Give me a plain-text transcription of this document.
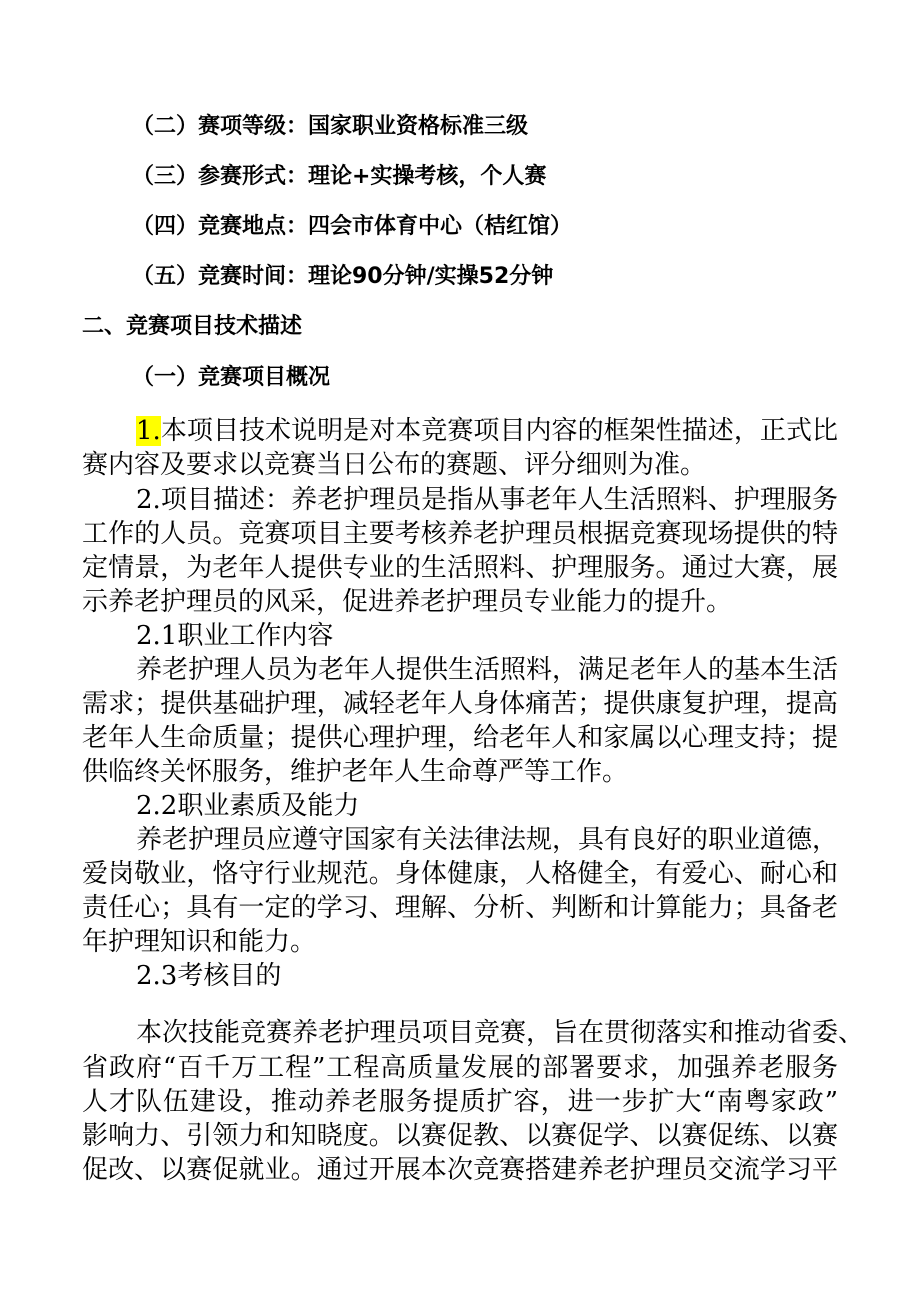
（二）赛项等级：国家职业资格标准三级
（三）参赛形式：理论+实操考核，个人赛
（四）竞赛地点：四会市体育中心（桔红馆）
（五）竞赛时间：理论90分钟/实操52分钟
二、竞赛项目技术描述
（一）竞赛项目概况
1.本项目技术说明是对本竞赛项目内容的框架性描述，正式比
赛内容及要求以竞赛当日公布的赛题、评分细则为准。
2.项目描述：养老护理员是指从事老年人生活照料、护理服务
工作的人员。竞赛项目主要考核养老护理员根据竞赛现场提供的特
定情景，为老年人提供专业的生活照料、护理服务。通过大赛，展
示养老护理员的风采，促进养老护理员专业能力的提升。
2.1职业工作内容
养老护理人员为老年人提供生活照料，满足老年人的基本生活
需求；提供基础护理，减轻老年人身体痛苦；提供康复护理，提高
老年人生命质量；提供心理护理，给老年人和家属以心理支持；提
供临终关怀服务，维护老年人生命尊严等工作。
2.2职业素质及能力
养老护理员应遵守国家有关法律法规，具有良好的职业道德，
爱岗敬业，恪守行业规范。身体健康，人格健全，有爱心、耐心和
责任心；具有一定的学习、理解、分析、判断和计算能力；具备老
年护理知识和能力。
2.3考核目的
本次技能竞赛养老护理员项目竞赛，旨在贯彻落实和推动省委、
省政府“百千万工程”工程高质量发展的部署要求，加强养老服务
人才队伍建设，推动养老服务提质扩容，进一步扩大“南粤家政”
影响力、引领力和知晓度。以赛促教、以赛促学、以赛促练、以赛
促改、以赛促就业。通过开展本次竞赛搭建养老护理员交流学习平
